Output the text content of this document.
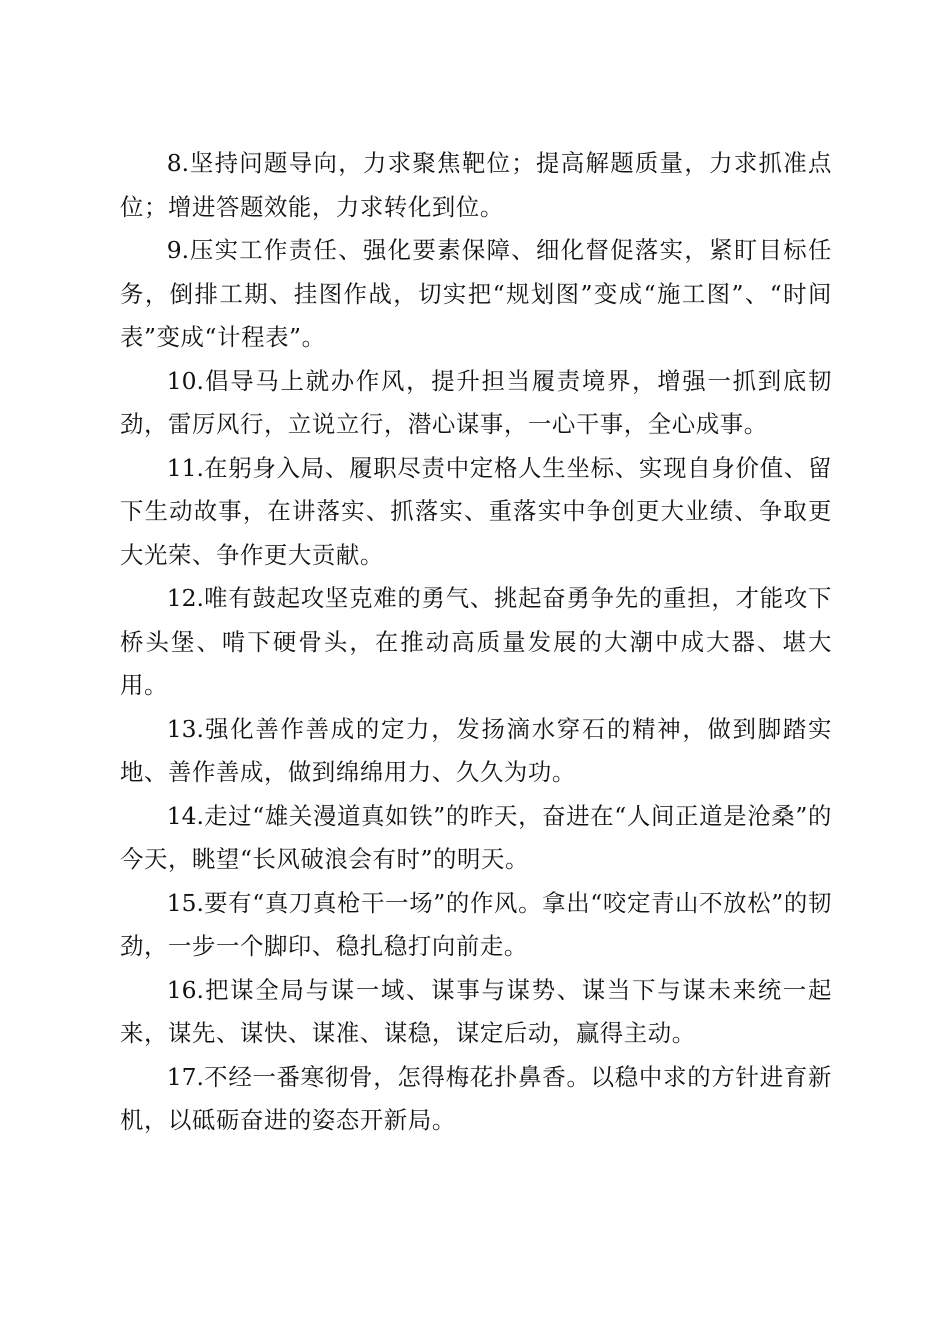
8.坚持问题导向，力求聚焦靶位；提高解题质量，力求抓准点位；增进答题效能，力求转化到位。

9.压实工作责任、强化要素保障、细化督促落实，紧盯目标任务，倒排工期、挂图作战，切实把“规划图”变成“施工图”、“时间表”变成“计程表”。

10.倡导马上就办作风，提升担当履责境界，增强一抓到底韧劲，雷厉风行，立说立行，潜心谋事，一心干事，全心成事。

11.在躬身入局、履职尽责中定格人生坐标、实现自身价值、留下生动故事，在讲落实、抓落实、重落实中争创更大业绩、争取更大光荣、争作更大贡献。

12.唯有鼓起攻坚克难的勇气、挑起奋勇争先的重担，才能攻下桥头堡、啃下硬骨头，在推动高质量发展的大潮中成大器、堪大用。

13.强化善作善成的定力，发扬滴水穿石的精神，做到脚踏实地、善作善成，做到绵绵用力、久久为功。

14.走过“雄关漫道真如铁”的昨天，奋进在“人间正道是沧桑”的今天，眺望“长风破浪会有时”的明天。

15.要有“真刀真枪干一场”的作风。拿出“咬定青山不放松”的韧劲，一步一个脚印、稳扎稳打向前走。

16.把谋全局与谋一域、谋事与谋势、谋当下与谋未来统一起来，谋先、谋快、谋准、谋稳，谋定后动，赢得主动。

17.不经一番寒彻骨，怎得梅花扑鼻香。以稳中求的方针进育新机，以砥砺奋进的姿态开新局。
